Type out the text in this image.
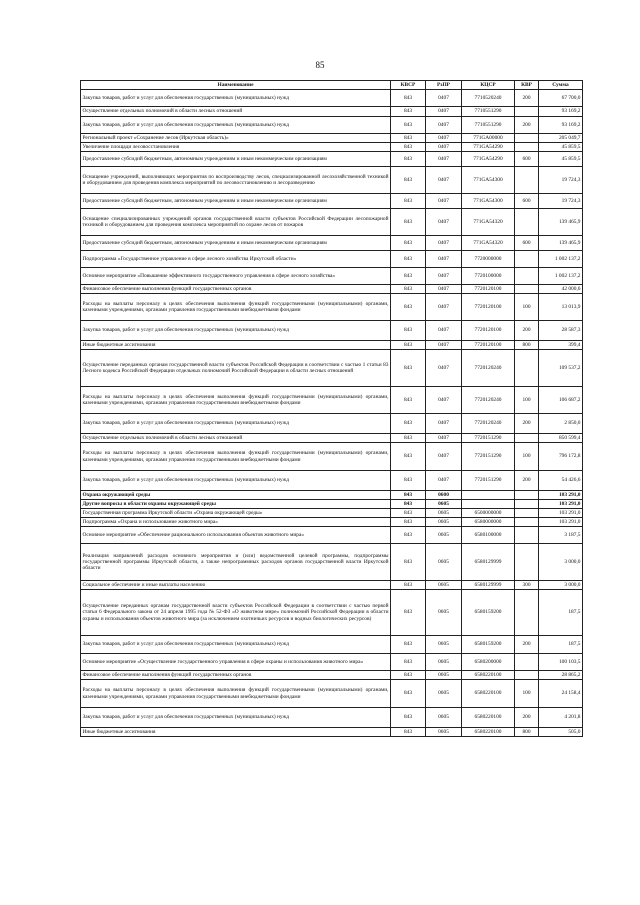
85
Наименование	КВСР	РзПР	КЦСР	КВР	Сумма
Закупка товаров, работ и услуг для обеспечения государственных (муниципальных) нужд	843	0407	7710520240	200	67 700,0
Осуществление отдельных полномочий в области лесных отношений	843	0407	7710551290		93 169,2
Закупка товаров, работ и услуг для обеспечения государственных (муниципальных) нужд	843	0407	7710551290	200	93 169,2
Региональный проект «Сохранение лесов (Иркутская область)»	843	0407	771GA00000		205 049,7
Увеличение площади лесовосстановления	843	0407	771GA54290		45 859,5
Предоставление субсидий бюджетным, автономным учреждениям и иным некоммерческим организациям	843	0407	771GA54290	600	45 859,5
Оснащение учреждений, выполняющих мероприятия по воспроизводству лесов, специализированной лесохозяйственной техникой и оборудованием для проведения комплекса мероприятий по лесовосстановлению и лесоразведению	843	0407	771GA54300		19 724,3
Предоставление субсидий бюджетным, автономным учреждениям и иным некоммерческим организациям	843	0407	771GA54300	600	19 724,3
Оснащение специализированных учреждений органов государственной власти субъектов Российской Федерации лесопожарной техникой и оборудованием для проведения комплекса мероприятий по охране лесов от пожаров	843	0407	771GA54320		139 465,9
Предоставление субсидий бюджетным, автономным учреждениям и иным некоммерческим организациям	843	0407	771GA54320	600	139 465,9
Подпрограмма «Государственное управление в сфере лесного хозяйства Иркутской области»	843	0407	7720000000		1 002 137,2
Основное мероприятие «Повышение эффективного государственного управления в сфере лесного хозяйства»	843	0407	7720100000		1 002 137,2
Финансовое обеспечение выполнения функций государственных органов	843	0407	7720120100		42 000,6
Расходы на выплаты персоналу в целях обеспечения выполнения функций государственными (муниципальными) органами, казенными учреждениями, органами управления государственными внебюджетными фондами	843	0407	7720120100	100	13 013,9
Закупка товаров, работ и услуг для обеспечения государственных (муниципальных) нужд	843	0407	7720120100	200	28 587,3
Иные бюджетные ассигнования	843	0407	7720120100	800	399,4
Осуществление переданных органам государственной власти субъектов Российской Федерации в соответствии с частью 1 статьи 83 Лесного кодекса Российской Федерации отдельных полномочий Российской Федерации в области лесных отношений	843	0407	7720120240		109 537,2
Расходы на выплаты персоналу в целях обеспечения выполнения функций государственными (муниципальными) органами, казенными учреждениями, органами управления государственными внебюджетными фондами	843	0407	7720120240	100	106 687,2
Закупка товаров, работ и услуг для обеспечения государственных (муниципальных) нужд	843	0407	7720120240	200	2 850,0
Осуществление отдельных полномочий в области лесных отношений	843	0407	7720151290		850 599,4
Расходы на выплаты персоналу в целях обеспечения выполнения функций государственными (муниципальными) органами, казенными учреждениями, органами управления государственными внебюджетными фондами	843	0407	7720151290	100	796 172,8
Закупка товаров, работ и услуг для обеспечения государственных (муниципальных) нужд	843	0407	7720151290	200	54 426,6
Охрана окружающей среды	843	0600			103 291,0
Другие вопросы в области охраны окружающей среды	843	0605			103 291,0
Государственная программа Иркутской области «Охрана окружающей среды»	843	0605	6500000000		103 291,0
Подпрограмма «Охрана и использование животного мира»	843	0605	6580000000		103 291,0
Основное мероприятие «Обеспечение рационального использования объектов животного мира»	843	0605	6580100000		3 187,5
Реализация направлений расходов основного мероприятия и (или) ведомственной целевой программы, подпрограммы государственной программы Иркутской области, а также непрограммных расходов органов государственной власти Иркутской области	843	0605	6580129999		3 000,0
Социальное обеспечение и иные выплаты населению	843	0605	6580129999	300	3 000,0
Осуществление переданных органам государственной власти субъектов Российской Федерации в соответствии с частью первой статьи 6 Федерального закона от 24 апреля 1995 года № 52-ФЗ «О животном мире» полномочий Российской Федерации в области охраны и использования объектов животного мира (за исключением охотничьих ресурсов и водных биологических ресурсов)	843	0605	6580159200		187,5
Закупка товаров, работ и услуг для обеспечения государственных (муниципальных) нужд	843	0605	6580159200	200	187,5
Основное мероприятие «Осуществление государственного управления в сфере охраны и использования животного мира»	843	0605	6580200000		100 103,5
Финансовое обеспечение выполнения функций государственных органов	843	0605	6580220100		28 865,2
Расходы на выплаты персоналу в целях обеспечения выполнения функций государственными (муниципальными) органами, казенными учреждениями, органами управления государственными внебюджетными фондами	843	0605	6580220100	100	24 158,4
Закупка товаров, работ и услуг для обеспечения государственных (муниципальных) нужд	843	0605	6580220100	200	4 201,8
Иные бюджетные ассигнования	843	0605	6580220100	800	505,0
